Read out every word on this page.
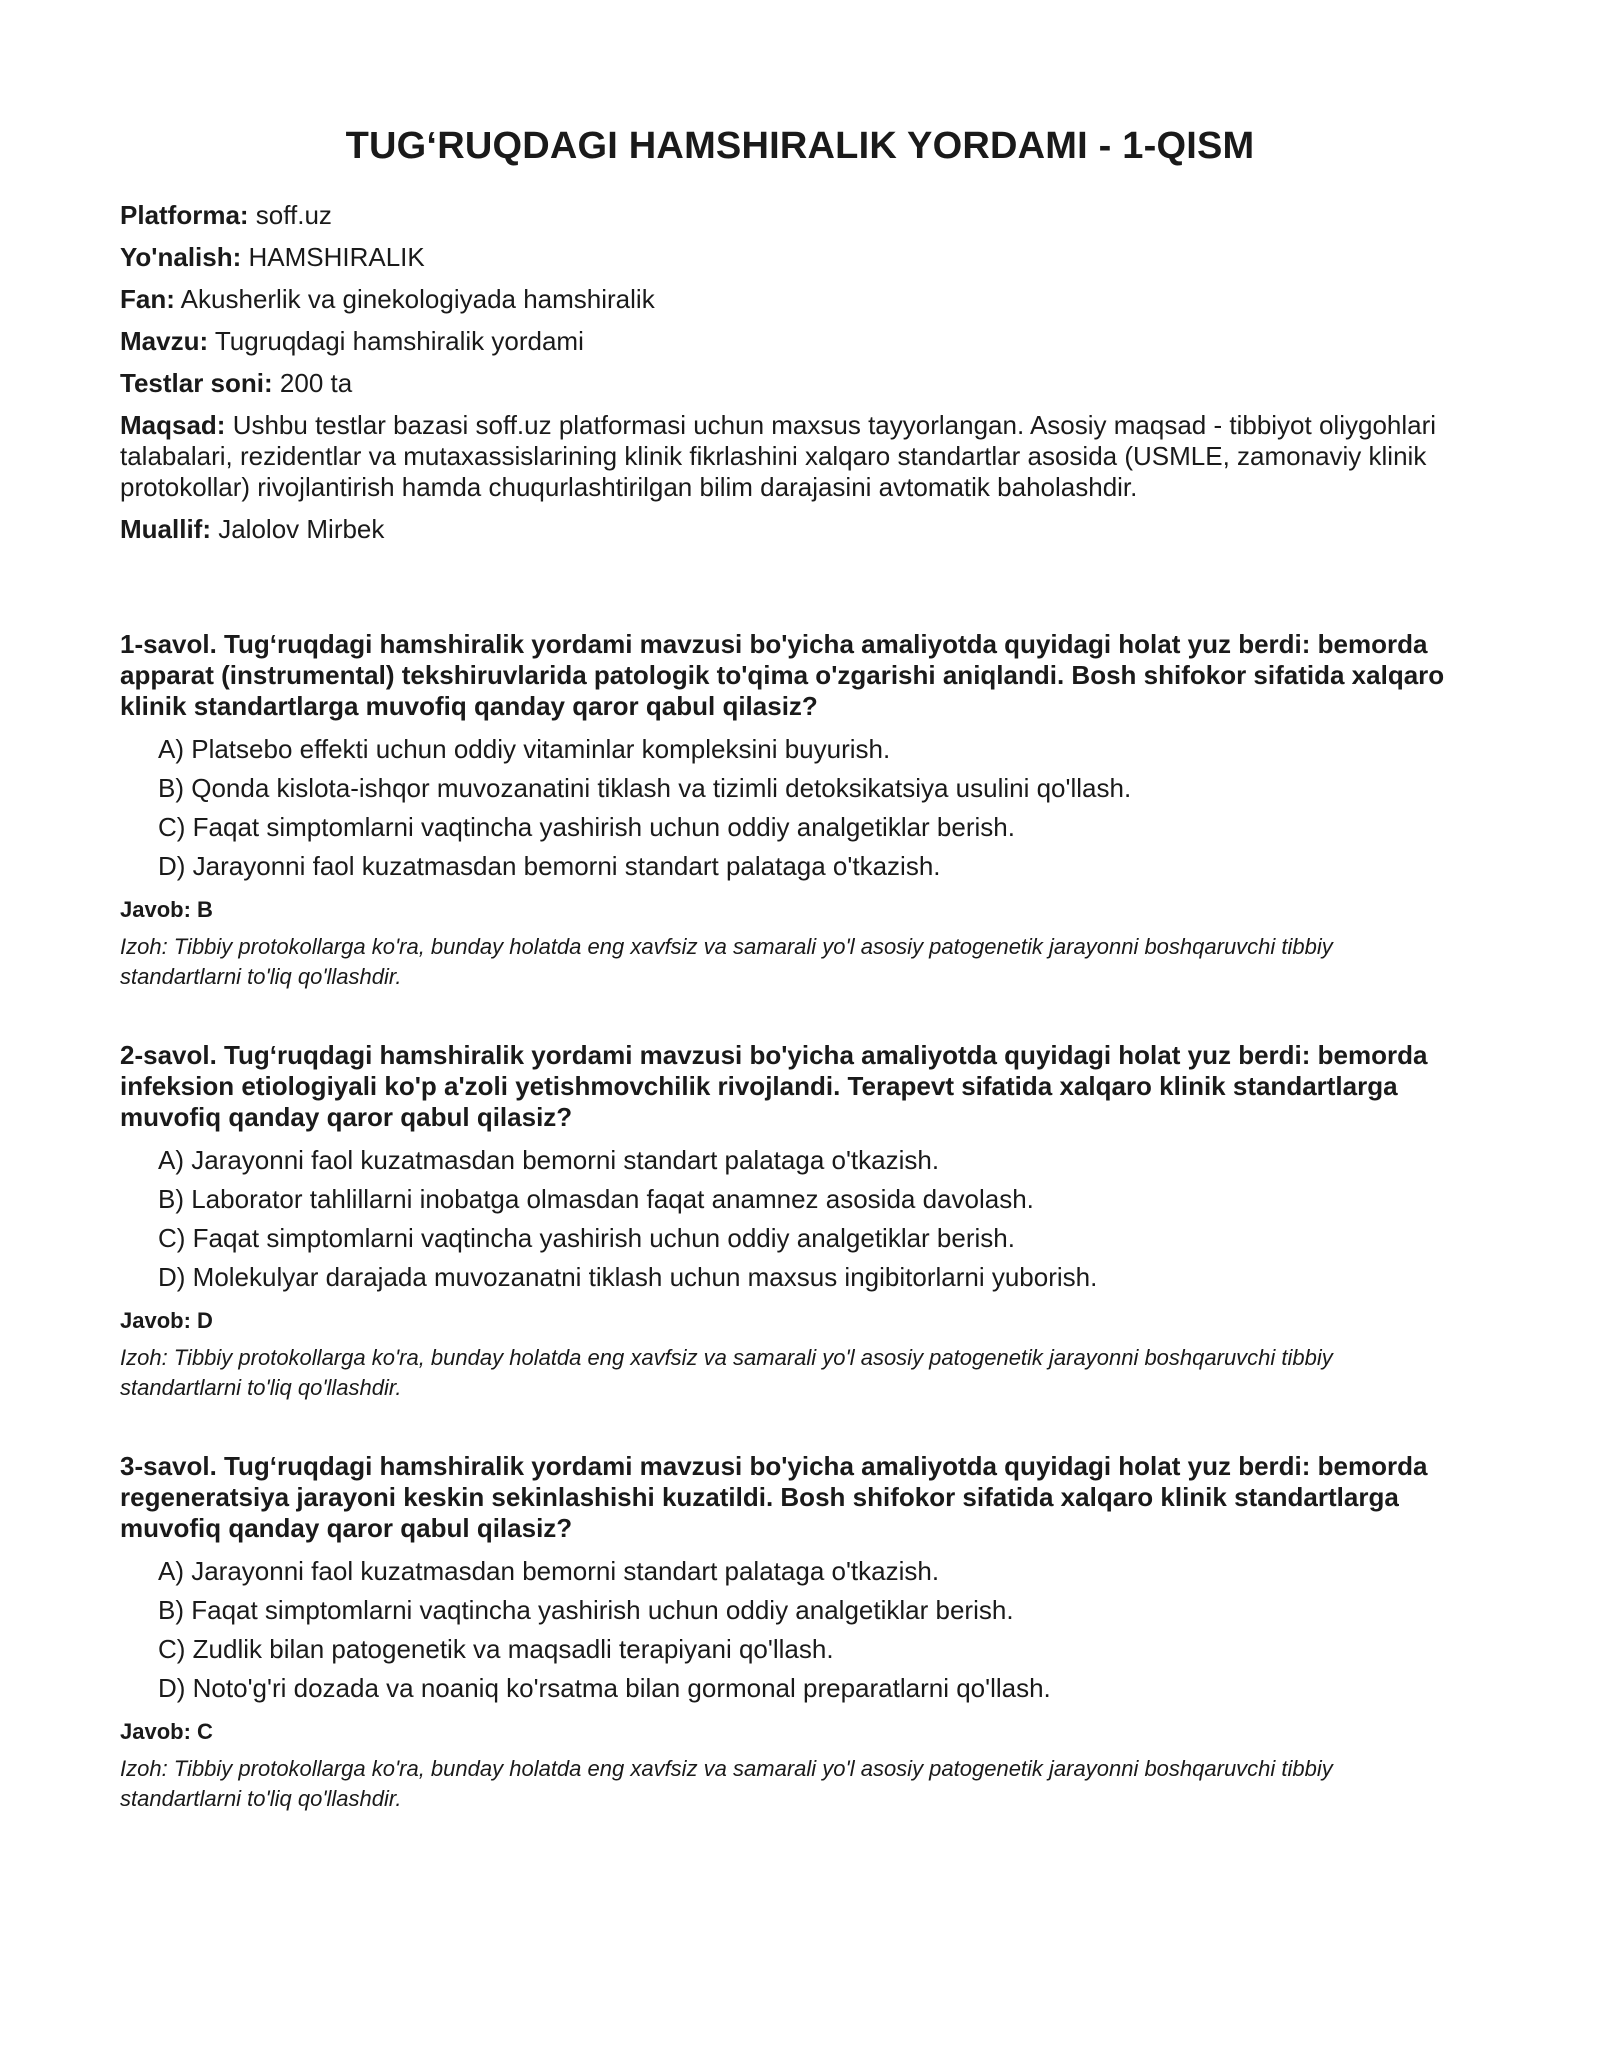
TUG‘RUQDAGI HAMSHIRALIK YORDAMI - 1-QISM
Platforma: soff.uz
Yo'nalish: HAMSHIRALIK
Fan: Akusherlik va ginekologiyada hamshiralik
Mavzu: Tugruqdagi hamshiralik yordami
Testlar soni: 200 ta
Maqsad: Ushbu testlar bazasi soff.uz platformasi uchun maxsus tayyorlangan. Asosiy maqsad - tibbiyot oliygohlari talabalari, rezidentlar va mutaxassislarining klinik fikrlashini xalqaro standartlar asosida (USMLE, zamonaviy klinik protokollar) rivojlantirish hamda chuqurlashtirilgan bilim darajasini avtomatik baholashdir.
Muallif: Jalolov Mirbek

1-savol. Tug‘ruqdagi hamshiralik yordami mavzusi bo'yicha amaliyotda quyidagi holat yuz berdi: bemorda apparat (instrumental) tekshiruvlarida patologik to'qima o'zgarishi aniqlandi. Bosh shifokor sifatida xalqaro klinik standartlarga muvofiq qanday qaror qabul qilasiz?

A) Platsebo effekti uchun oddiy vitaminlar kompleksini buyurish.
B) Qonda kislota-ishqor muvozanatini tiklash va tizimli detoksikatsiya usulini qo'llash.
C) Faqat simptomlarni vaqtincha yashirish uchun oddiy analgetiklar berish.
D) Jarayonni faol kuzatmasdan bemorni standart palataga o'tkazish.
Javob: B
Izoh: Tibbiy protokollarga ko'ra, bunday holatda eng xavfsiz va samarali yo'l asosiy patogenetik jarayonni boshqaruvchi tibbiy standartlarni to'liq qo'llashdir.

2-savol. Tug‘ruqdagi hamshiralik yordami mavzusi bo'yicha amaliyotda quyidagi holat yuz berdi: bemorda infeksion etiologiyali ko'p a'zoli yetishmovchilik rivojlandi. Terapevt sifatida xalqaro klinik standartlarga muvofiq qanday qaror qabul qilasiz?

A) Jarayonni faol kuzatmasdan bemorni standart palataga o'tkazish.
B) Laborator tahlillarni inobatga olmasdan faqat anamnez asosida davolash.
C) Faqat simptomlarni vaqtincha yashirish uchun oddiy analgetiklar berish.
D) Molekulyar darajada muvozanatni tiklash uchun maxsus ingibitorlarni yuborish.
Javob: D
Izoh: Tibbiy protokollarga ko'ra, bunday holatda eng xavfsiz va samarali yo'l asosiy patogenetik jarayonni boshqaruvchi tibbiy standartlarni to'liq qo'llashdir.

3-savol. Tug‘ruqdagi hamshiralik yordami mavzusi bo'yicha amaliyotda quyidagi holat yuz berdi: bemorda regeneratsiya jarayoni keskin sekinlashishi kuzatildi. Bosh shifokor sifatida xalqaro klinik standartlarga muvofiq qanday qaror qabul qilasiz?

A) Jarayonni faol kuzatmasdan bemorni standart palataga o'tkazish.
B) Faqat simptomlarni vaqtincha yashirish uchun oddiy analgetiklar berish.
C) Zudlik bilan patogenetik va maqsadli terapiyani qo'llash.
D) Noto'g'ri dozada va noaniq ko'rsatma bilan gormonal preparatlarni qo'llash.
Javob: C
Izoh: Tibbiy protokollarga ko'ra, bunday holatda eng xavfsiz va samarali yo'l asosiy patogenetik jarayonni boshqaruvchi tibbiy standartlarni to'liq qo'llashdir.
